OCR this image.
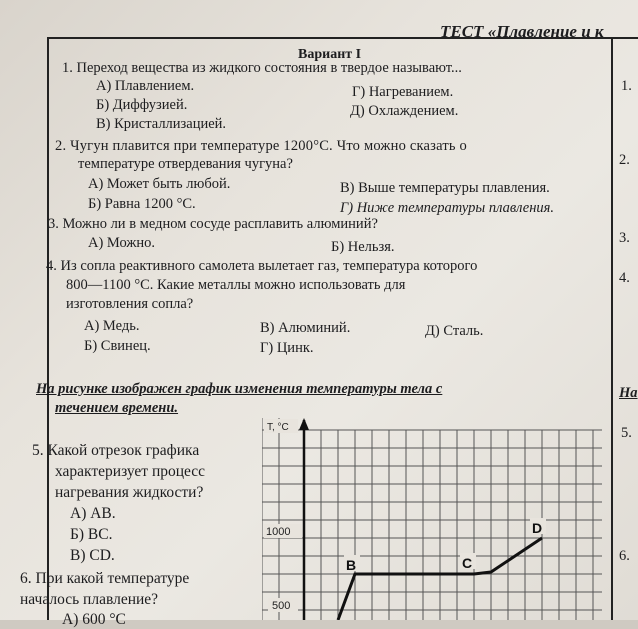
ТЕСТ «Плавление и к
Вариант I
1. Переход вещества из жидкого состояния в твердое называют...
А) Плавлением.
Б) Диффузией.
В) Кристаллизацией.
Г) Нагреванием.
Д) Охлаждением.
2. Чугун плавится при температуре 1200°С. Что можно сказать о
температуре отвердевания чугуна?
А) Может быть любой.
Б) Равна 1200 °С.
В) Выше температуры плавления.
Г) Ниже температуры плавления.
3. Можно ли в медном сосуде расплавить алюминий?
А) Можно.	Б) Нельзя.
4. Из сопла реактивного самолета вылетает газ, температура которого
800—1100 °С. Какие металлы можно использовать для
изготовления сопла?
А) Медь.
Б) Свинец.
В) Алюминий.
Г) Цинк.
Д) Сталь.
На рисунке изображен график изменения температуры тела с
течением времени.
5. Какой отрезок графика
характеризует процесс
нагревания жидкости?
А) АВ.
Б) ВС.
В) CD.
6. При какой температуре
началось плавление?
А) 600 °С
1.
2.
3.
4.
На
5.
6.
T, °C
1000
500
B	C
D
